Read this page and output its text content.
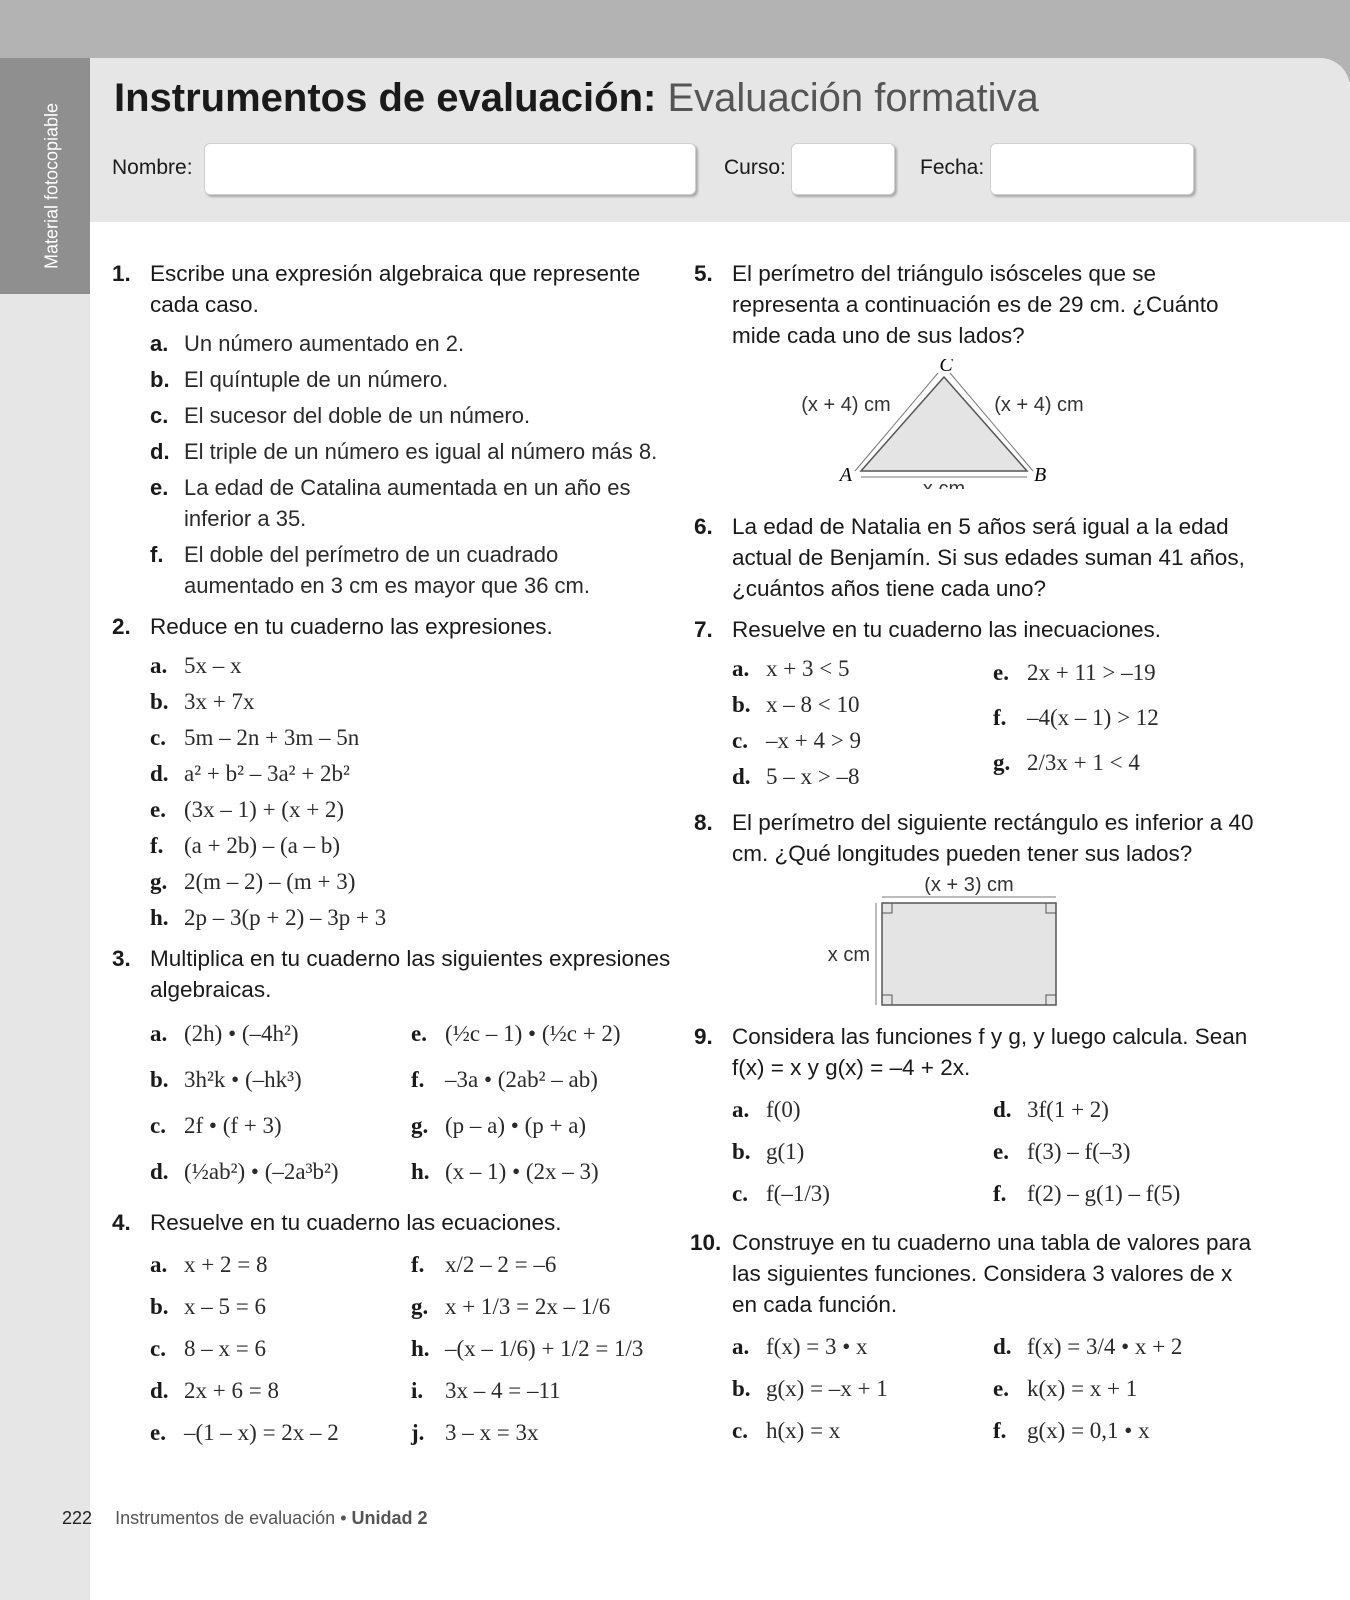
Material fotocopiable
Instrumentos de evaluación: Evaluación formativa
Nombre:	Curso:	Fecha:
1. Escribe una expresión algebraica que represente cada caso.
a. Un número aumentado en 2.
b. El quíntuple de un número.
c. El sucesor del doble de un número.
d. El triple de un número es igual al número más 8.
e. La edad de Catalina aumentada en un año es inferior a 35.
f. El doble del perímetro de un cuadrado aumentado en 3 cm es mayor que 36 cm.
2. Reduce en tu cuaderno las expresiones.
a. 5x – x
b. 3x + 7x
c. 5m – 2n + 3m – 5n
d. a² + b² – 3a² + 2b²
e. (3x – 1) + (x + 2)
f. (a + 2b) – (a – b)
g. 2(m – 2) – (m + 3)
h. 2p – 3(p + 2) – 3p + 3
3. Multiplica en tu cuaderno las siguientes expresiones algebraicas.
a. (2h) • (–4h²)
b. 3h²k • (–hk³)
c. 2f • (f + 3)
d. (½ab²) • (–2a³b²)
e. (½c – 1) • (½c + 2)
f. –3a • (2ab² – ab)
g. (p – a) • (p + a)
h. (x – 1) • (2x – 3)
4. Resuelve en tu cuaderno las ecuaciones.
a. x + 2 = 8
b. x – 5 = 6
c. 8 – x = 6
d. 2x + 6 = 8
e. –(1 – x) = 2x – 2
f. x/2 – 2 = –6
g. x + 1/3 = 2x – 1/6
h. –(x – 1/6) + 1/2 = 1/3
i. 3x – 4 = –11
j. 3 – x = 3x
5. El perímetro del triángulo isósceles que se representa a continuación es de 29 cm. ¿Cuánto mide cada uno de sus lados?
C
A	B
(x + 4) cm	(x + 4) cm
x cm
6. La edad de Natalia en 5 años será igual a la edad actual de Benjamín. Si sus edades suman 41 años, ¿cuántos años tiene cada uno?
7. Resuelve en tu cuaderno las inecuaciones.
a. x + 3 < 5
b. x – 8 < 10
c. –x + 4 > 9
d. 5 – x > –8
e. 2x + 11 > –19
f. –4(x – 1) > 12
g. 2/3x + 1 < 4
8. El perímetro del siguiente rectángulo es inferior a 40 cm. ¿Qué longitudes pueden tener sus lados?
(x + 3) cm
x cm
9. Considera las funciones f y g, y luego calcula. Sean f(x) = x y g(x) = –4 + 2x.
a. f(0)
b. g(1)
c. f(–1/3)
d. 3f(1 + 2)
e. f(3) – f(–3)
f. f(2) – g(1) – f(5)
10. Construye en tu cuaderno una tabla de valores para las siguientes funciones. Considera 3 valores de x en cada función.
a. f(x) = 3 • x
b. g(x) = –x + 1
c. h(x) = x
d. f(x) = 3/4 • x + 2
e. k(x) = x + 1
f. g(x) = 0,1 • x
222 Instrumentos de evaluación • Unidad 2
